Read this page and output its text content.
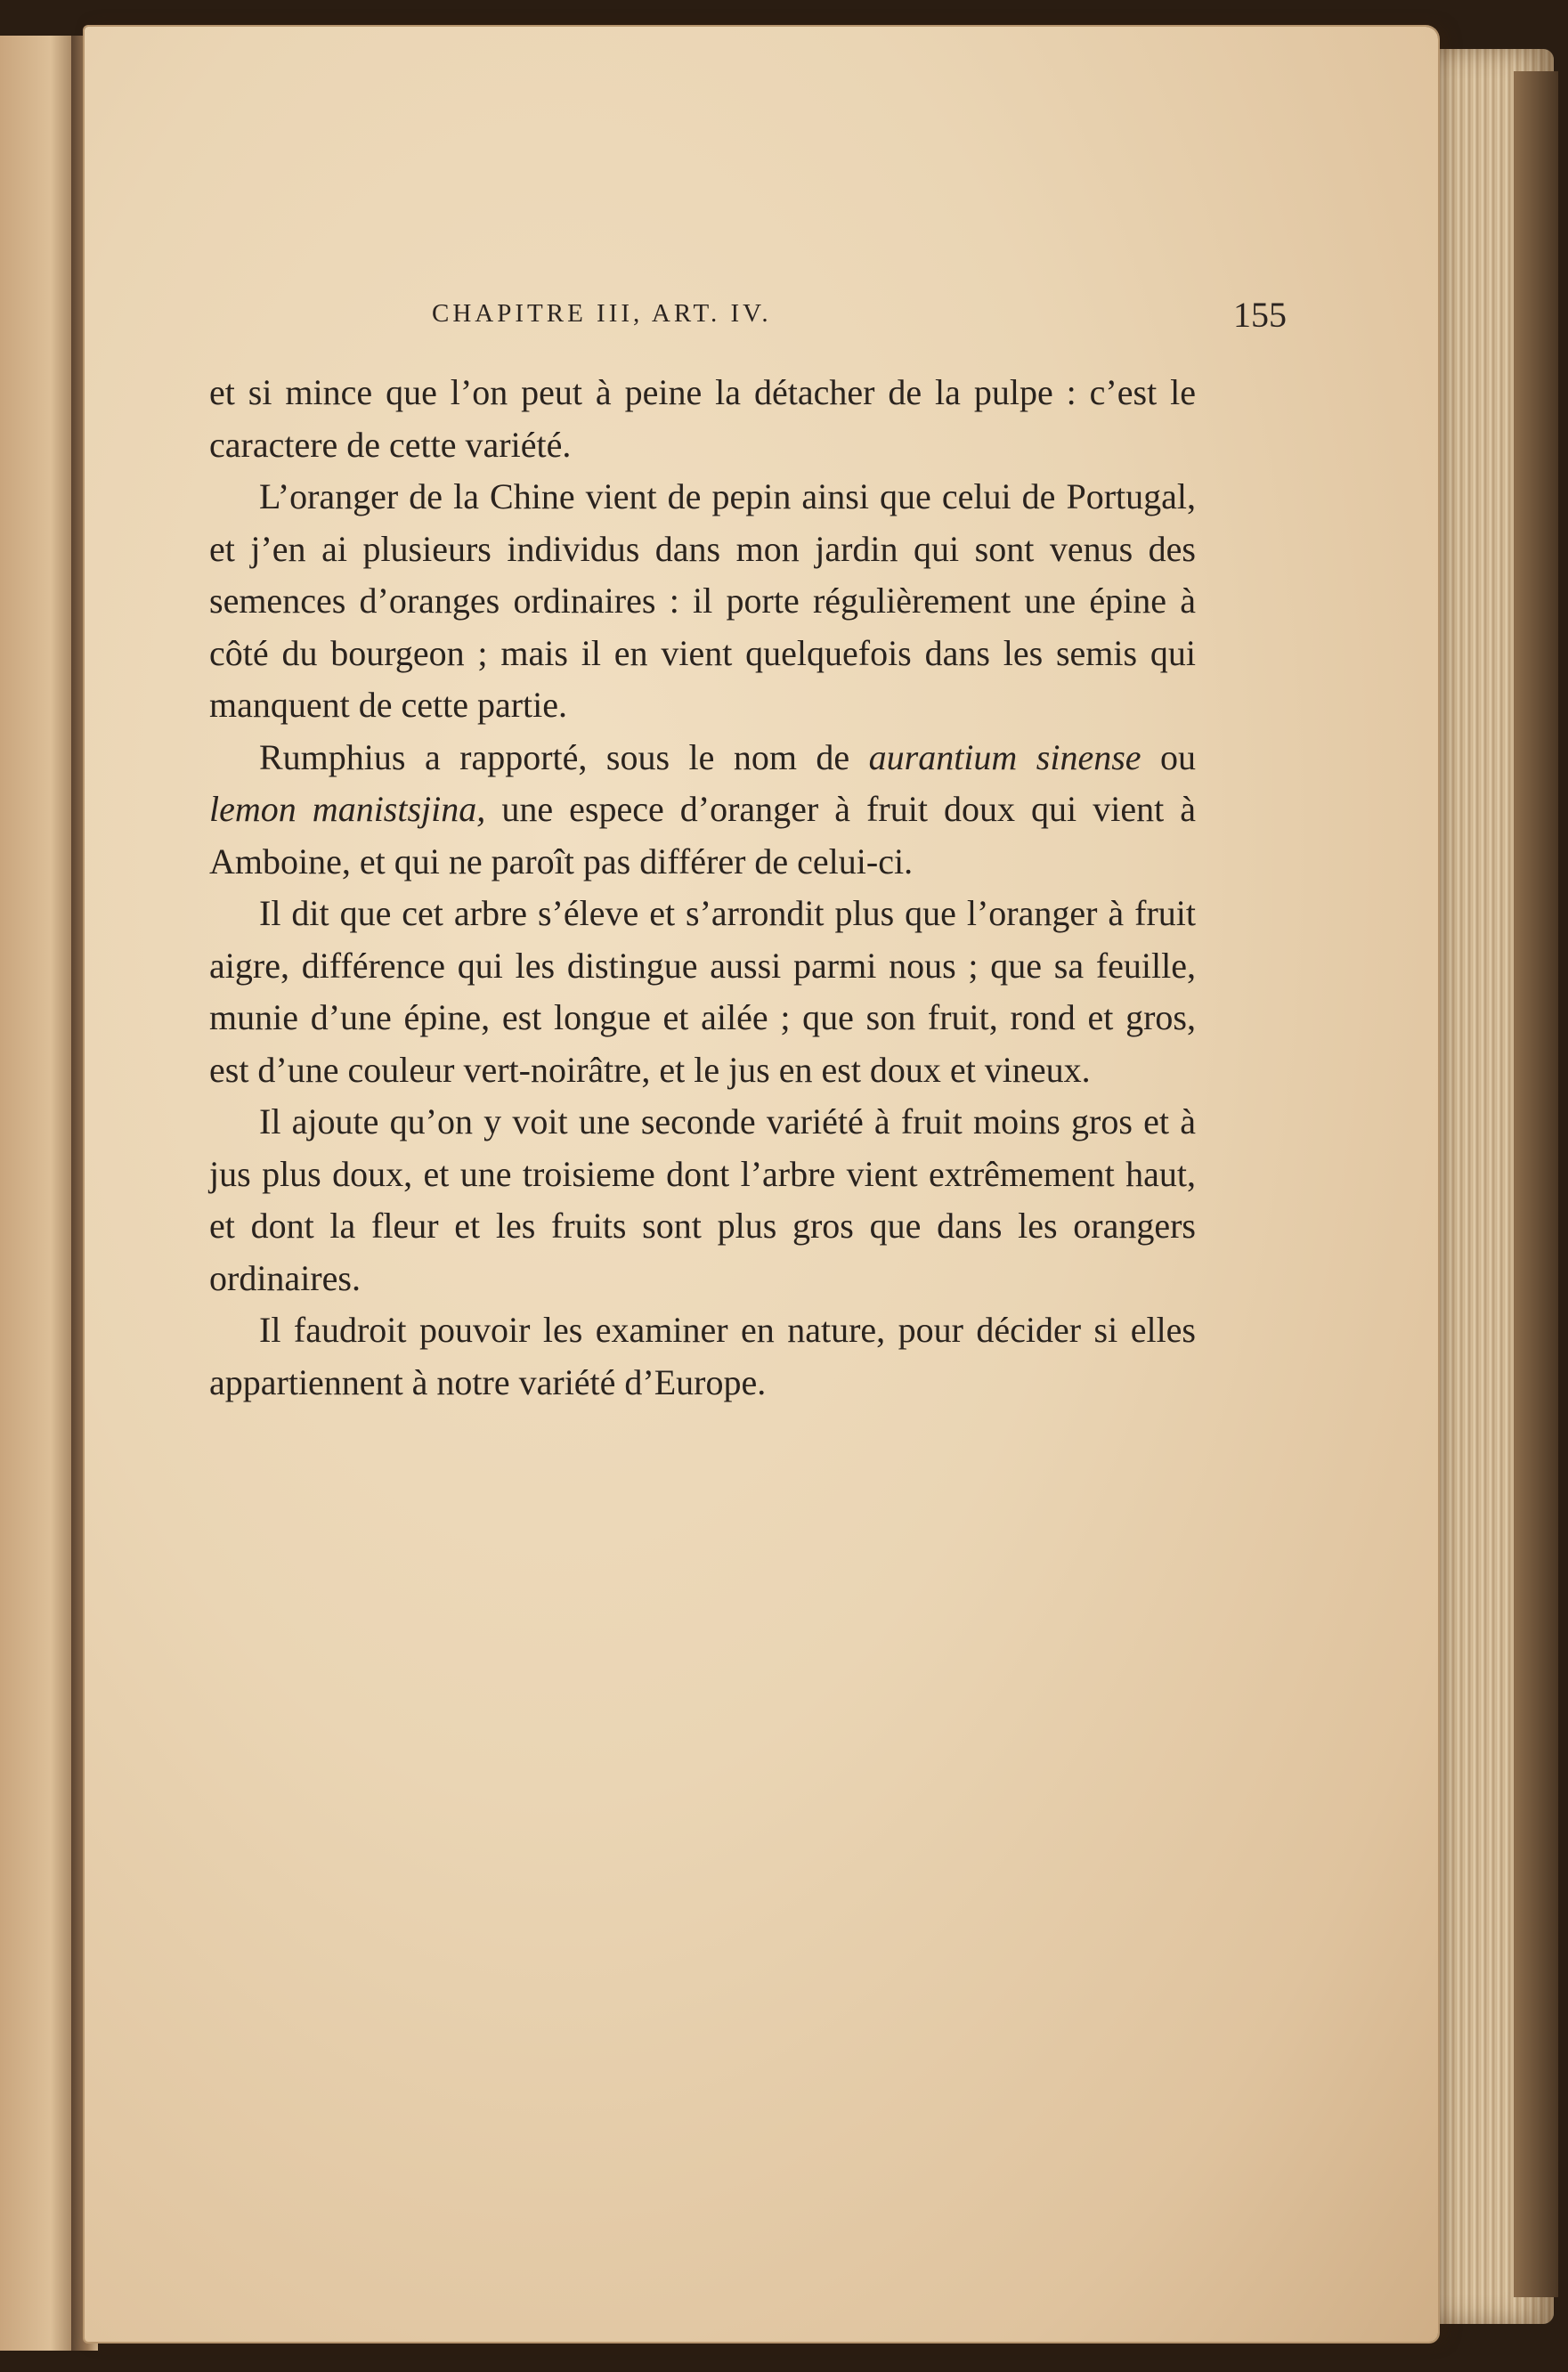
CHAPITRE III, ART. IV.	155

et si mince que l’on peut à peine la détacher de la pulpe : c’est le caractere de cette variété.

L’oranger de la Chine vient de pepin ainsi que celui de Portugal, et j’en ai plusieurs individus dans mon jardin qui sont venus des semences d’oranges ordinaires : il porte régulièrement une épine à côté du bourgeon ; mais il en vient quelquefois dans les semis qui manquent de cette partie.

Rumphius a rapporté, sous le nom de aurantium sinense ou lemon manistsjina, une espece d’oranger à fruit doux qui vient à Amboine, et qui ne paroît pas différer de celui-ci.

Il dit que cet arbre s’éleve et s’arrondit plus que l’oranger à fruit aigre, différence qui les distingue aussi parmi nous ; que sa feuille, munie d’une épine, est longue et ailée ; que son fruit, rond et gros, est d’une couleur vert-noirâtre, et le jus en est doux et vineux.

Il ajoute qu’on y voit une seconde variété à fruit moins gros et à jus plus doux, et une troisieme dont l’arbre vient extrêmement haut, et dont la fleur et les fruits sont plus gros que dans les orangers ordinaires.

Il faudroit pouvoir les examiner en nature, pour décider si elles appartiennent à notre variété d’Europe.
